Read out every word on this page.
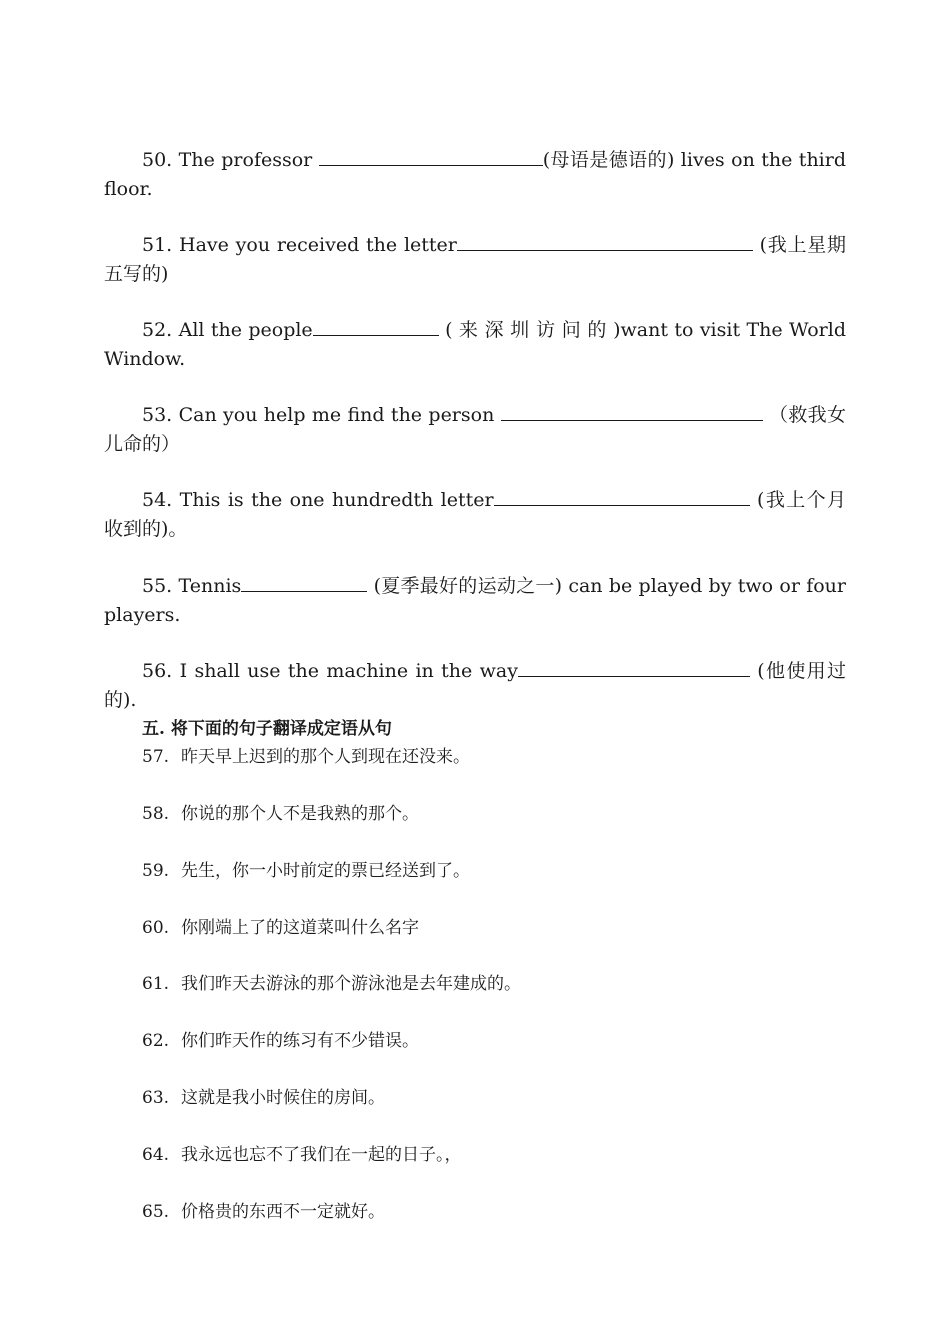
50. The professor	(母语是德语的) lives on the third floor.

51. Have you received the letter	(我上星期五写的)

52. All the people	( 来 深 圳 访 问 的 )want to visit The World Window.

53. Can you help me find the person	（救我女儿命的）

54. This is the one hundredth letter	(我上个月收到的)。

55. Tennis	(夏季最好的运动之一) can be played by two or four players.

56. I shall use the machine in the way	(他使用过的).

五. 将下面的句子翻译成定语从句
57. 昨天早上迟到的那个人到现在还没来。
58. 你说的那个人不是我熟的那个。
59. 先生，你一小时前定的票已经送到了。
60. 你刚端上了的这道菜叫什么名字
61. 我们昨天去游泳的那个游泳池是去年建成的。
62. 你们昨天作的练习有不少错误。
63. 这就是我小时候住的房间。
64. 我永远也忘不了我们在一起的日子。，
65. 价格贵的东西不一定就好。
